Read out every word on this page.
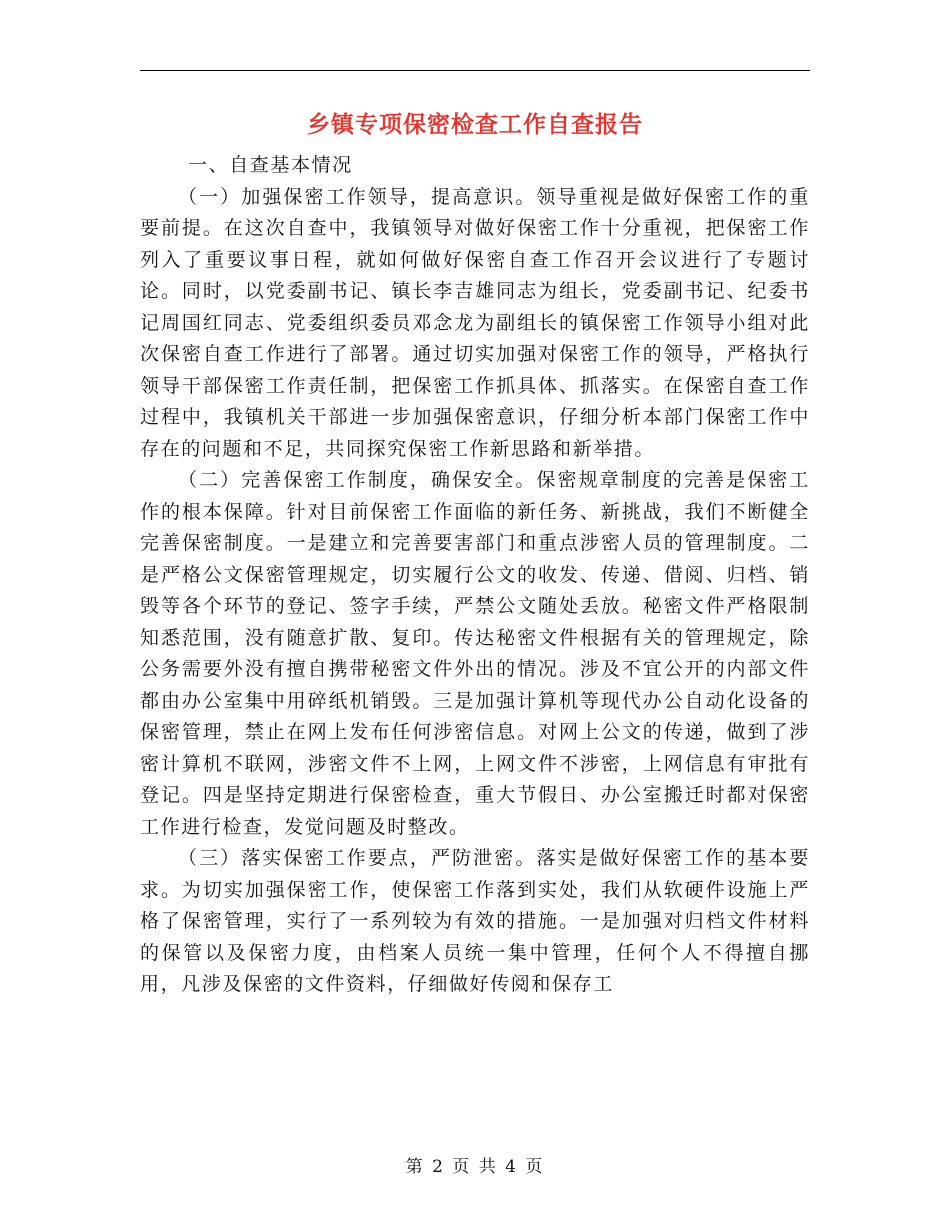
乡镇专项保密检查工作自查报告

一、自查基本情况

（一）加强保密工作领导，提高意识。领导重视是做好保密工作的重要前提。在这次自查中，我镇领导对做好保密工作十分重视，把保密工作列入了重要议事日程，就如何做好保密自查工作召开会议进行了专题讨论。同时，以党委副书记、镇长李吉雄同志为组长，党委副书记、纪委书记周国红同志、党委组织委员邓念龙为副组长的镇保密工作领导小组对此次保密自查工作进行了部署。通过切实加强对保密工作的领导，严格执行领导干部保密工作责任制，把保密工作抓具体、抓落实。在保密自查工作过程中，我镇机关干部进一步加强保密意识，仔细分析本部门保密工作中存在的问题和不足，共同探究保密工作新思路和新举措。

（二）完善保密工作制度，确保安全。保密规章制度的完善是保密工作的根本保障。针对目前保密工作面临的新任务、新挑战，我们不断健全完善保密制度。一是建立和完善要害部门和重点涉密人员的管理制度。二是严格公文保密管理规定，切实履行公文的收发、传递、借阅、归档、销毁等各个环节的登记、签字手续，严禁公文随处丢放。秘密文件严格限制知悉范围，没有随意扩散、复印。传达秘密文件根据有关的管理规定，除公务需要外没有擅自携带秘密文件外出的情况。涉及不宜公开的内部文件都由办公室集中用碎纸机销毁。三是加强计算机等现代办公自动化设备的保密管理，禁止在网上发布任何涉密信息。对网上公文的传递，做到了涉密计算机不联网，涉密文件不上网，上网文件不涉密，上网信息有审批有登记。四是坚持定期进行保密检查，重大节假日、办公室搬迁时都对保密工作进行检查，发觉问题及时整改。

（三）落实保密工作要点，严防泄密。落实是做好保密工作的基本要求。为切实加强保密工作，使保密工作落到实处，我们从软硬件设施上严格了保密管理，实行了一系列较为有效的措施。一是加强对归档文件材料的保管以及保密力度，由档案人员统一集中管理，任何个人不得擅自挪用，凡涉及保密的文件资料，仔细做好传阅和保存工

第 2 页 共 4 页
